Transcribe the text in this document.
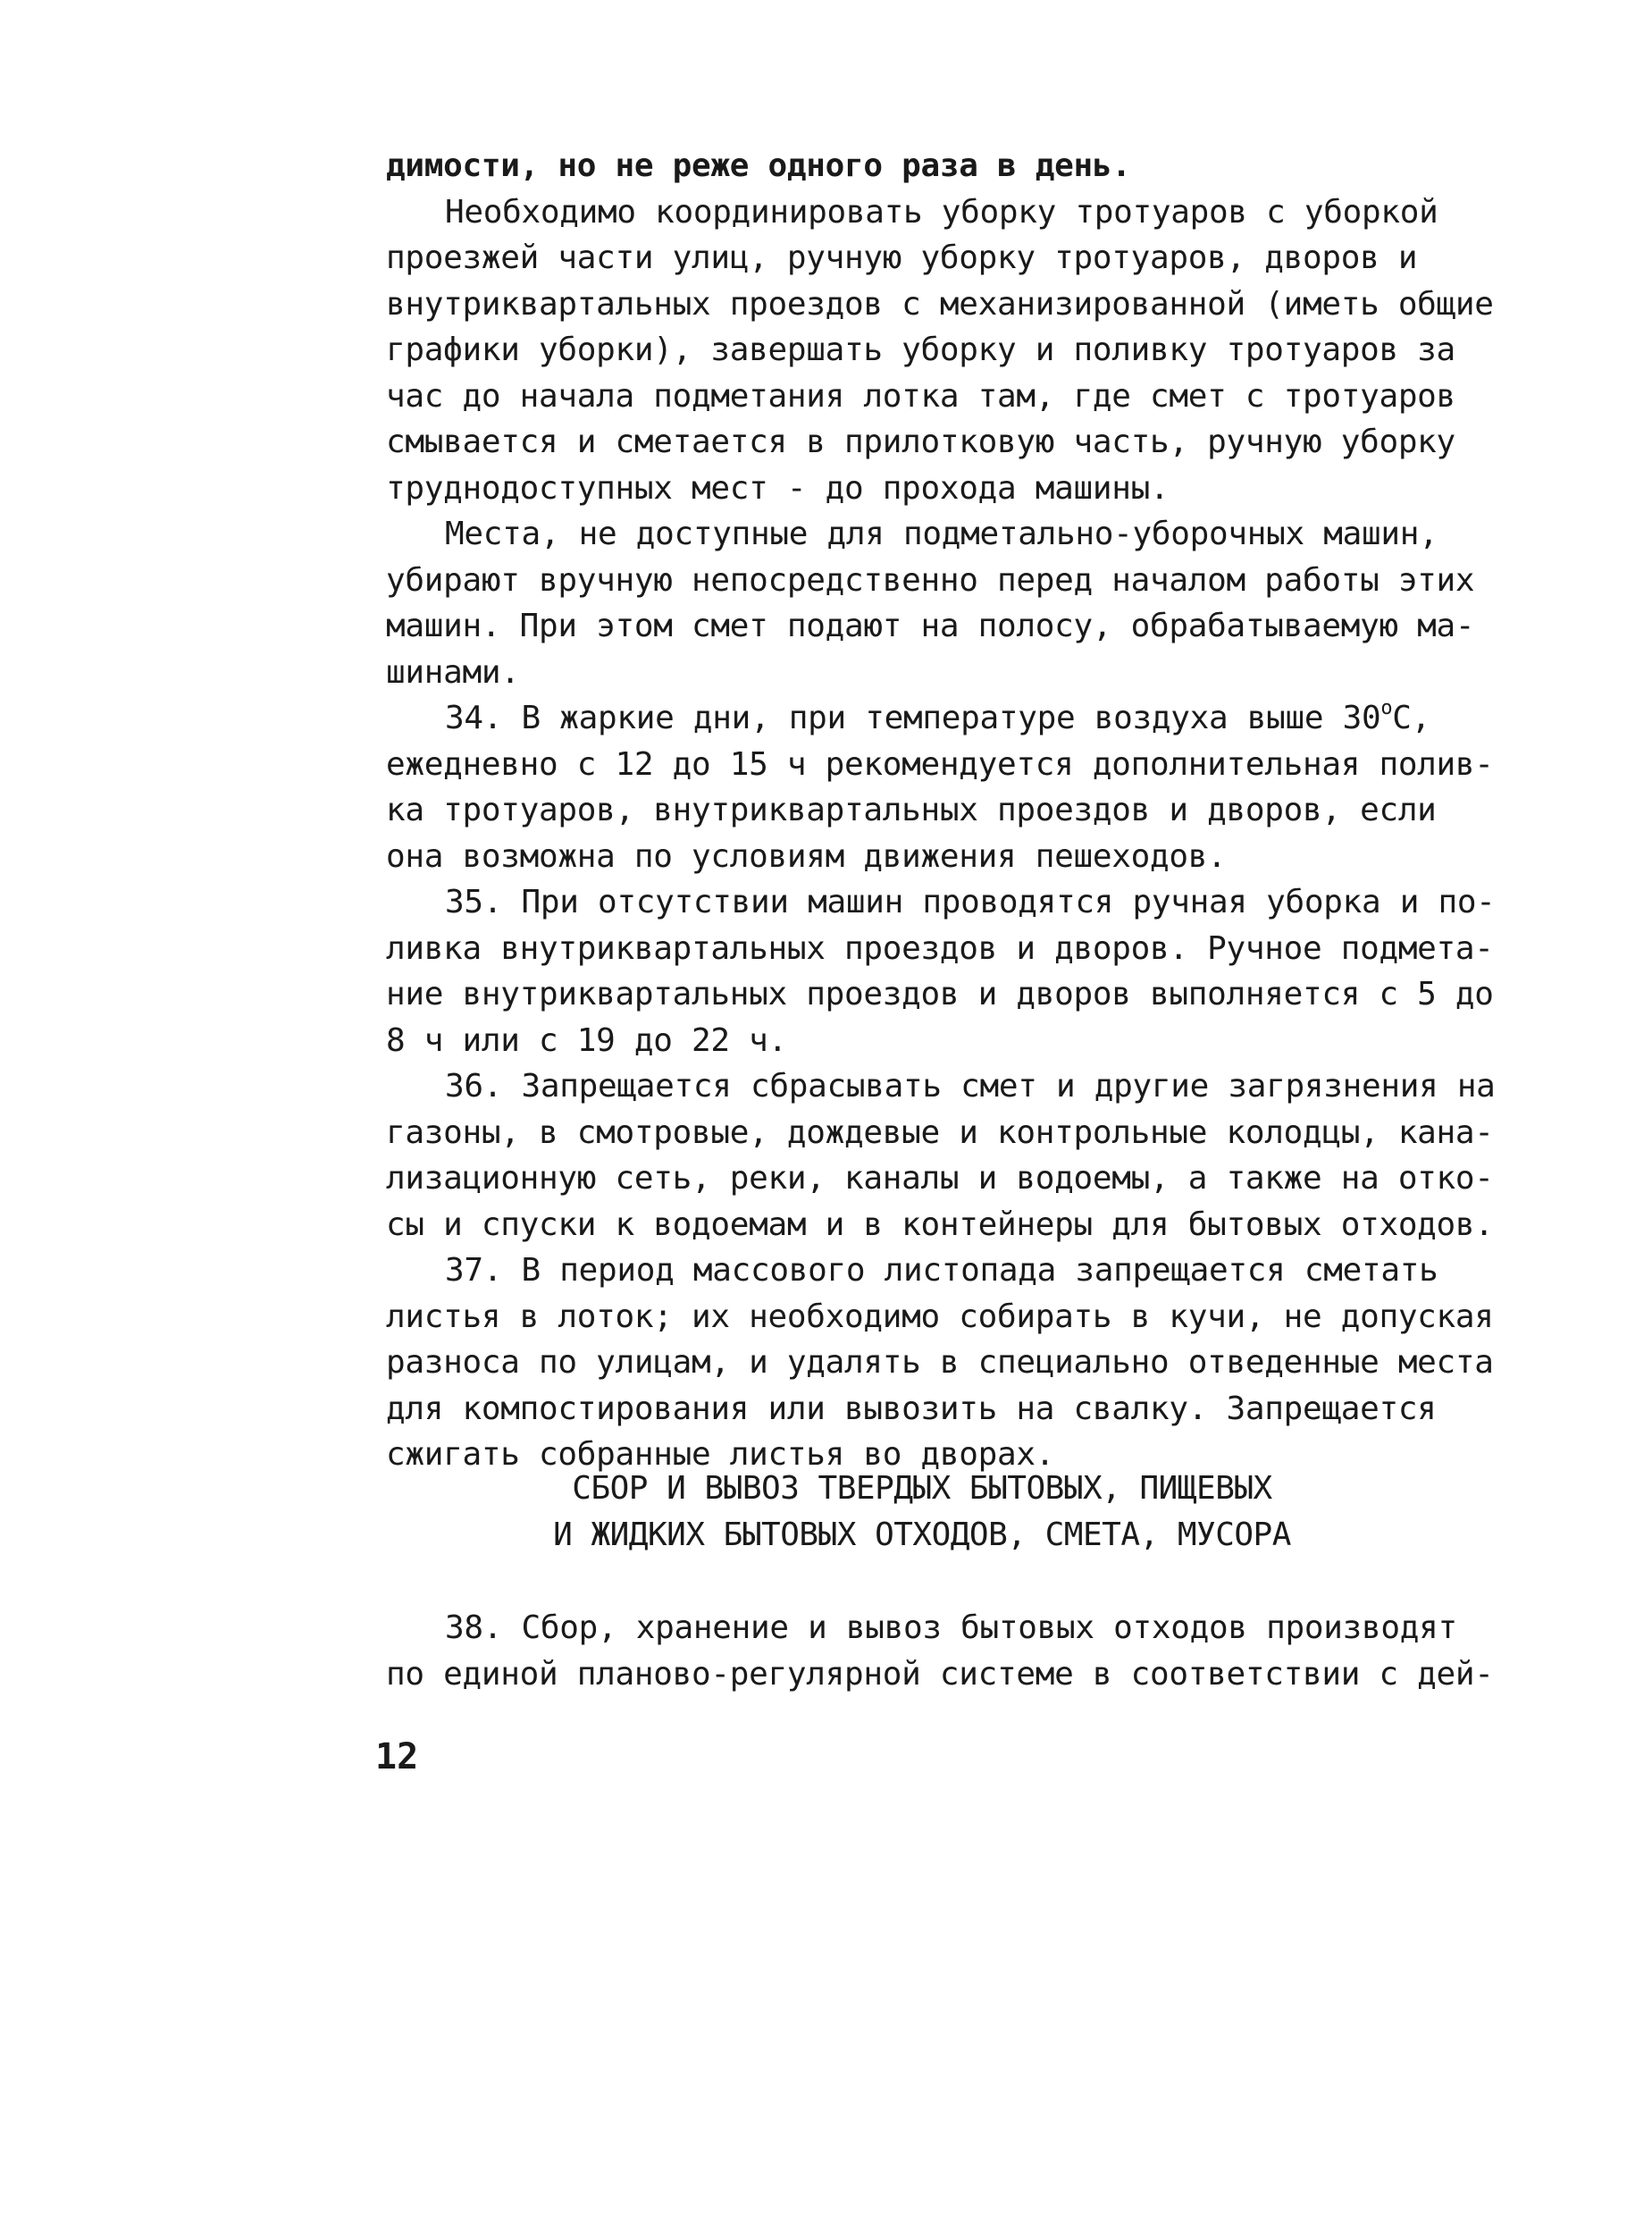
димости, но не реже одного раза в день.
Необходимо координировать уборку тротуаров с уборкой
проезжей части улиц, ручную уборку тротуаров, дворов и
внутриквартальных проездов с механизированной (иметь общие
графики уборки), завершать уборку и поливку тротуаров за
час до начала подметания лотка там, где смет с тротуаров
смывается и сметается в прилотковую часть, ручную уборку
труднодоступных мест - до прохода машины.
Места, не доступные для подметально-уборочных машин,
убирают вручную непосредственно перед началом работы этих
машин. При этом смет подают на полосу, обрабатываемую ма-
шинами.
34. В жаркие дни, при температуре воздуха выше $30^оС$,
ежедневно с 12 до 15 ч рекомендуется дополнительная полив-
ка тротуаров, внутриквартальных проездов и дворов, если
она возможна по условиям движения пешеходов.
35. При отсутствии машин проводятся ручная уборка и по-
ливка внутриквартальных проездов и дворов. Ручное подмета-
ние внутриквартальных проездов и дворов выполняется с 5 до
8 ч или с 19 до 22 ч.
36. Запрещается сбрасывать смет и другие загрязнения на
газоны, в смотровые, дождевые и контрольные колодцы, кана-
лизационную сеть, реки, каналы и водоемы, а также на отко-
сы и спуски к водоемам и в контейнеры для бытовых отходов.
37. В период массового листопада запрещается сметать
листья в лоток; их необходимо собирать в кучи, не допуская
разноса по улицам, и удалять в специально отведенные места
для компостирования или вывозить на свалку. Запрещается
сжигать собранные листья во дворах.
СБОР И ВЫВОЗ ТВЕРДЫХ БЫТОВЫХ, ПИЩЕВЫХ
И ЖИДКИХ БЫТОВЫХ ОТХОДОВ, СМЕТА, МУСОРА
38. Сбор, хранение и вывоз бытовых отходов производят
по единой планово-регулярной системе в соответствии с дей-
12
